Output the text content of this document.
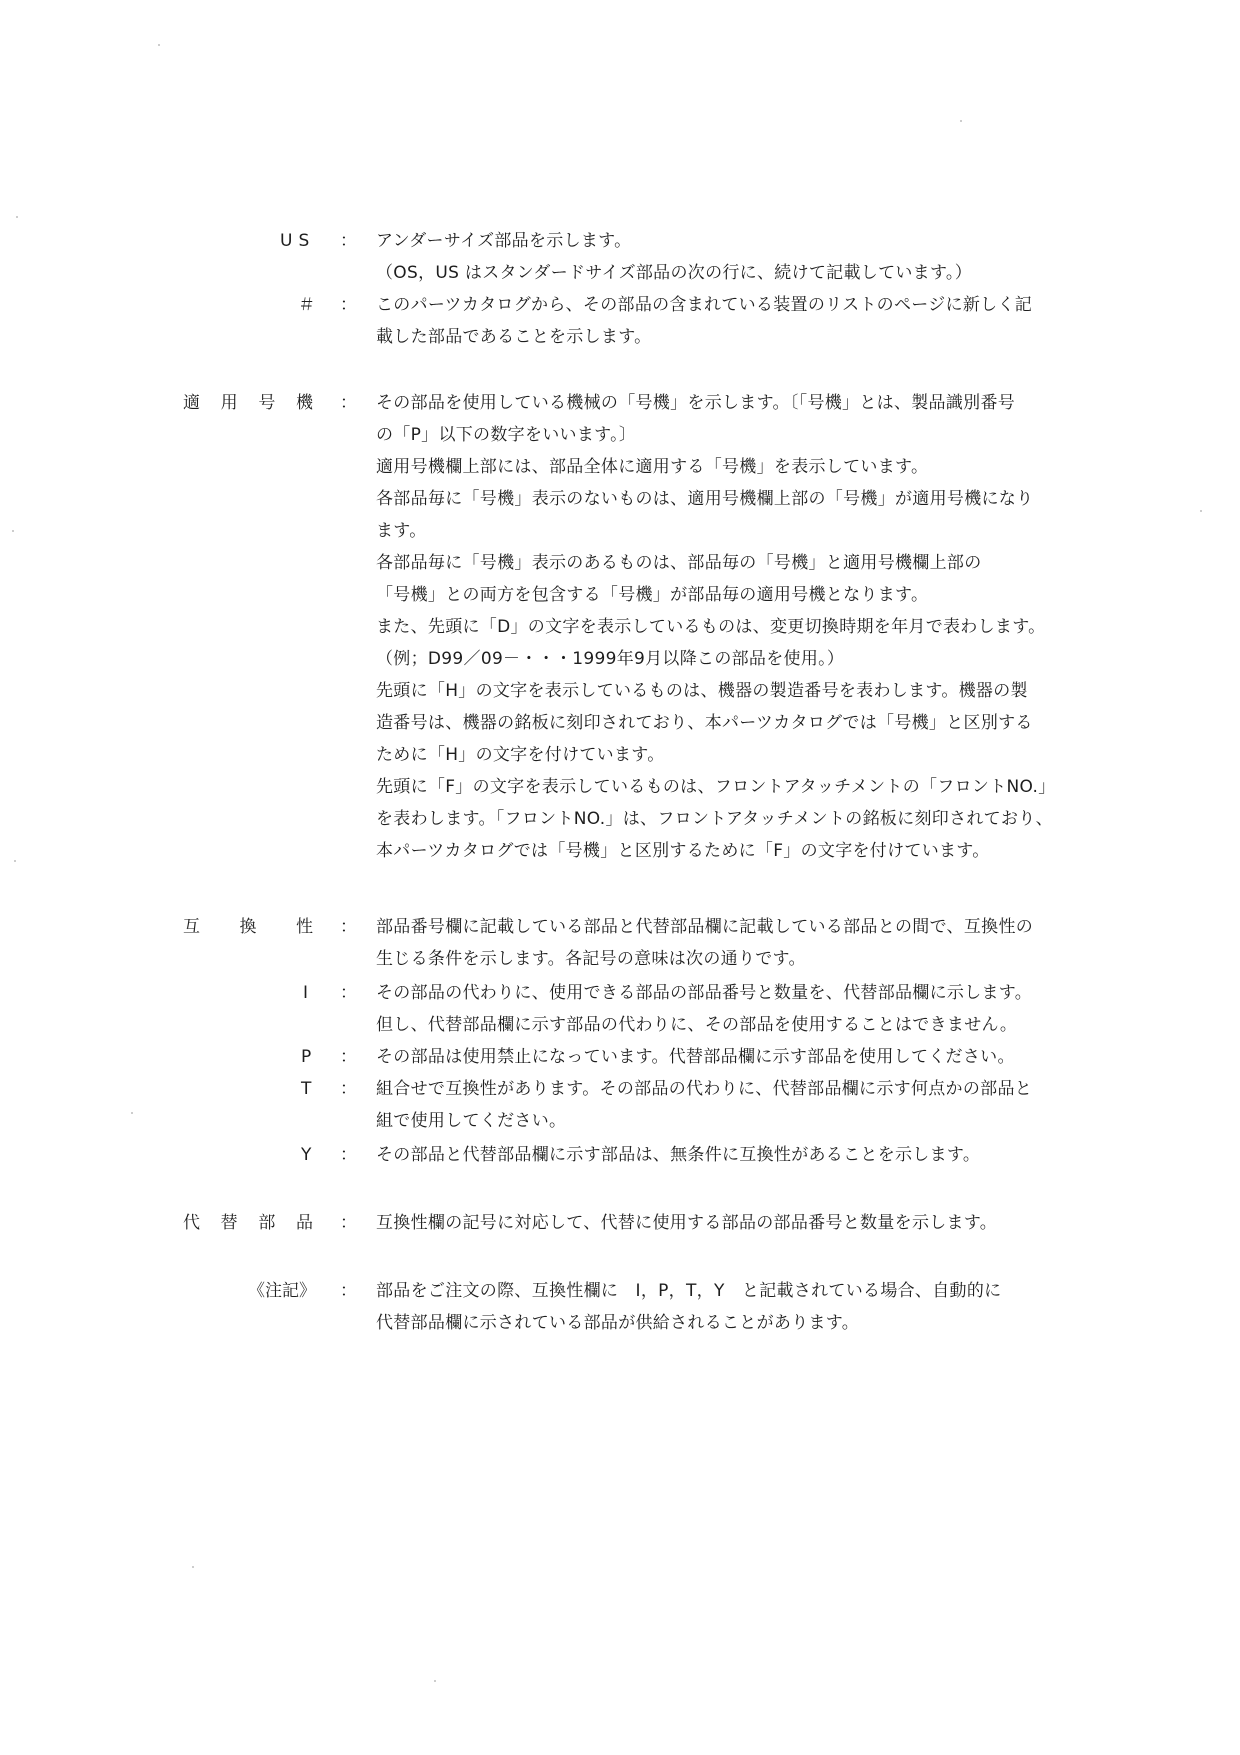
US ： アンダーサイズ部品を示します。
（OS，US はスタンダードサイズ部品の次の行に、続けて記載しています。）
＃ ： このパーツカタログから、その部品の含まれている装置のリストのページに新しく記
載した部品であることを示します。
適 用 号 機 ： その部品を使用している機械の「号機」を示します。〔「号機」とは、製品識別番号
の「P」以下の数字をいいます。〕
適用号機欄上部には、部品全体に適用する「号機」を表示しています。
各部品毎に「号機」表示のないものは、適用号機欄上部の「号機」が適用号機になり
ます。
各部品毎に「号機」表示のあるものは、部品毎の「号機」と適用号機欄上部の
「号機」との両方を包含する「号機」が部品毎の適用号機となります。
また、先頭に「D」の文字を表示しているものは、変更切換時期を年月で表わします。
（例；D99／09－・・・1999年9月以降この部品を使用。）
先頭に「H」の文字を表示しているものは、機器の製造番号を表わします。機器の製
造番号は、機器の銘板に刻印されており、本パーツカタログでは「号機」と区別する
ために「H」の文字を付けています。
先頭に「F」の文字を表示しているものは、フロントアタッチメントの「フロントNO.」
を表わします。「フロントNO.」は、フロントアタッチメントの銘板に刻印されており、
本パーツカタログでは「号機」と区別するために「F」の文字を付けています。
互 換 性 ： 部品番号欄に記載している部品と代替部品欄に記載している部品との間で、互換性の
生じる条件を示します。各記号の意味は次の通りです。
I ： その部品の代わりに、使用できる部品の部品番号と数量を、代替部品欄に示します。
但し、代替部品欄に示す部品の代わりに、その部品を使用することはできません。
P ： その部品は使用禁止になっています。代替部品欄に示す部品を使用してください。
T ： 組合せで互換性があります。その部品の代わりに、代替部品欄に示す何点かの部品と
組で使用してください。
Y ： その部品と代替部品欄に示す部品は、無条件に互換性があることを示します。
代 替 部 品 ： 互換性欄の記号に対応して、代替に使用する部品の部品番号と数量を示します。
《注記》 ： 部品をご注文の際、互換性欄に　I，P，T，Y　と記載されている場合、自動的に
代替部品欄に示されている部品が供給されることがあります。
